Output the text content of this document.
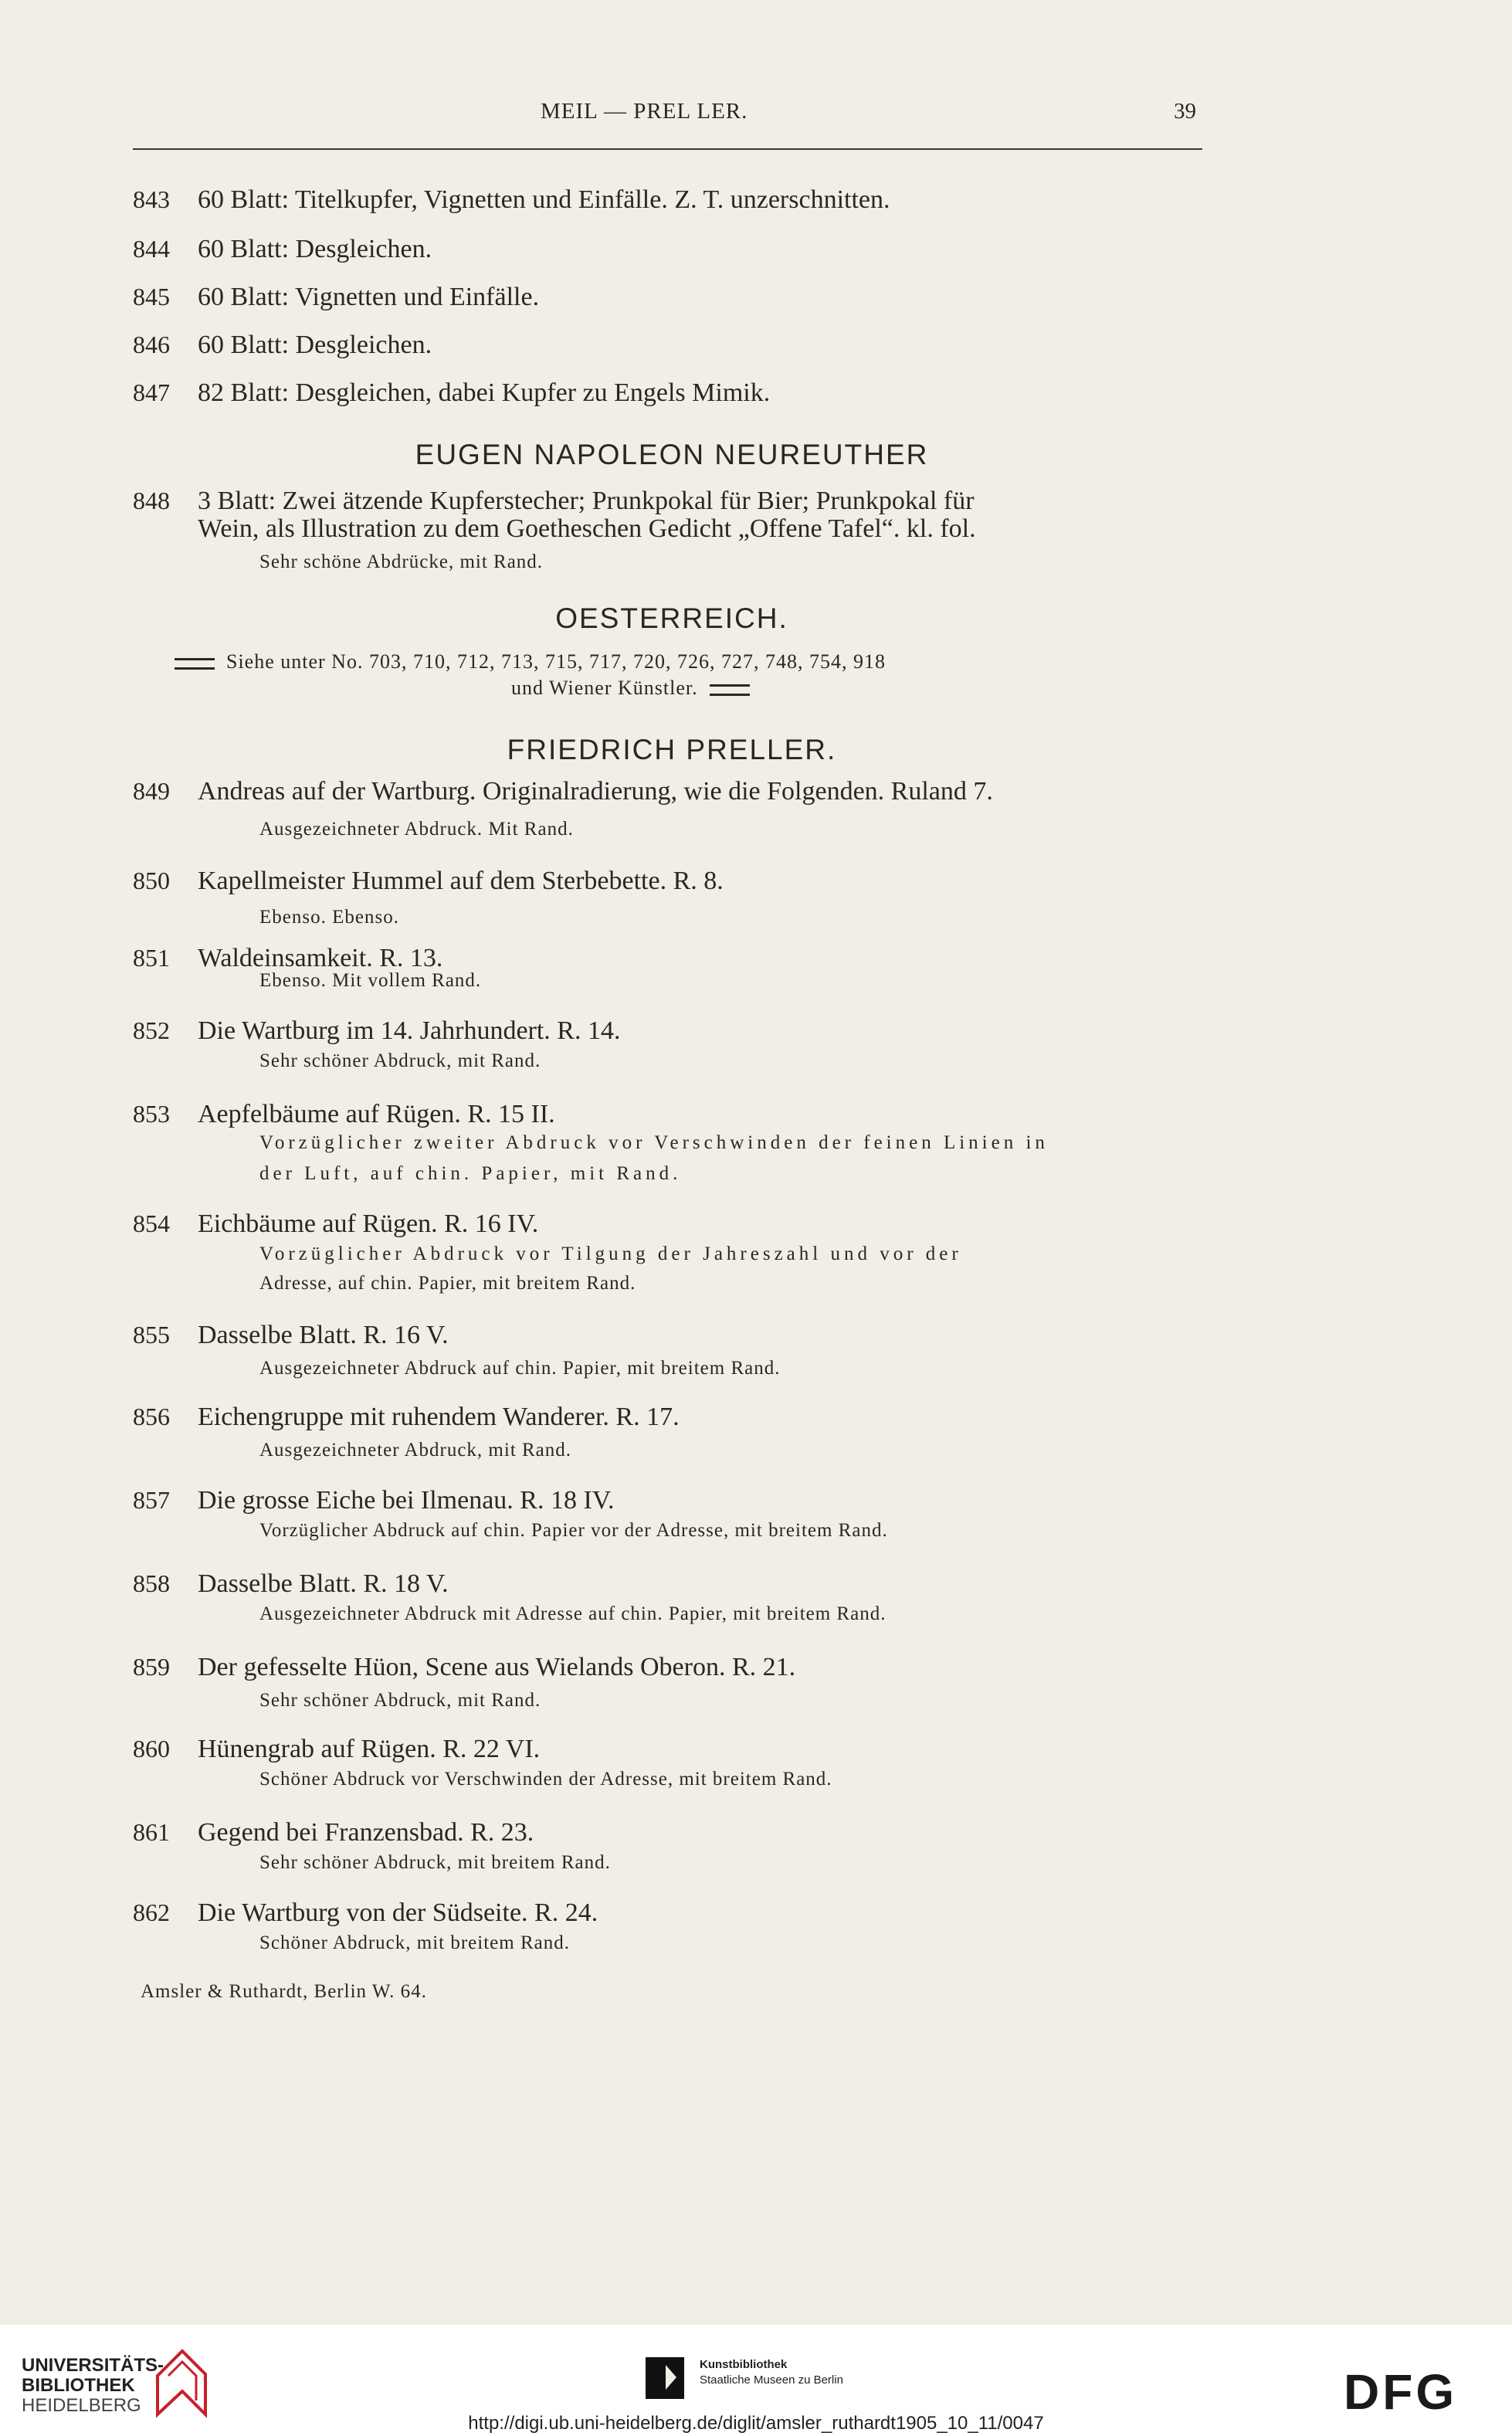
MEIL — PREL LER.	39
843 60 Blatt: Titelkupfer, Vignetten und Einfälle. Z. T. unzerschnitten.
844 60 Blatt: Desgleichen.
845 60 Blatt: Vignetten und Einfälle.
846 60 Blatt: Desgleichen.
847 82 Blatt: Desgleichen, dabei Kupfer zu Engels Mimik.
EUGEN NAPOLEON NEUREUTHER
848 3 Blatt: Zwei ätzende Kupferstecher; Prunkpokal für Bier; Prunkpokal für
Wein, als Illustration zu dem Goetheschen Gedicht „Offene Tafel“. kl. fol.
Sehr schöne Abdrücke, mit Rand.
OESTERREICH.
Siehe unter No. 703, 710, 712, 713, 715, 717, 720, 726, 727, 748, 754, 918
und Wiener Künstler.
FRIEDRICH PRELLER.
849 Andreas auf der Wartburg. Originalradierung, wie die Folgenden. Ruland 7.
Ausgezeichneter Abdruck. Mit Rand.
850 Kapellmeister Hummel auf dem Sterbebette. R. 8.
Ebenso. Ebenso.
851 Waldeinsamkeit. R. 13.
Ebenso. Mit vollem Rand.
852 Die Wartburg im 14. Jahrhundert. R. 14.
Sehr schöner Abdruck, mit Rand.
853 Aepfelbäume auf Rügen. R. 15 II.
Vorzüglicher zweiter Abdruck vor Verschwinden der feinen Linien in
der Luft, auf chin. Papier, mit Rand.
854 Eichbäume auf Rügen. R. 16 IV.
Vorzüglicher Abdruck vor Tilgung der Jahreszahl und vor der
Adresse, auf chin. Papier, mit breitem Rand.
855 Dasselbe Blatt. R. 16 V.
Ausgezeichneter Abdruck auf chin. Papier, mit breitem Rand.
856 Eichengruppe mit ruhendem Wanderer. R. 17.
Ausgezeichneter Abdruck, mit Rand.
857 Die grosse Eiche bei Ilmenau. R. 18 IV.
Vorzüglicher Abdruck auf chin. Papier vor der Adresse, mit breitem Rand.
858 Dasselbe Blatt. R. 18 V.
Ausgezeichneter Abdruck mit Adresse auf chin. Papier, mit breitem Rand.
859 Der gefesselte Hüon, Scene aus Wielands Oberon. R. 21.
Sehr schöner Abdruck, mit Rand.
860 Hünengrab auf Rügen. R. 22 VI.
Schöner Abdruck vor Verschwinden der Adresse, mit breitem Rand.
861 Gegend bei Franzensbad. R. 23.
Sehr schöner Abdruck, mit breitem Rand.
862 Die Wartburg von der Südseite. R. 24.
Schöner Abdruck, mit breitem Rand.
Amsler & Ruthardt, Berlin W. 64.
UNIVERSITÄTS-
BIBLIOTHEK
HEIDELBERG
Kunstbibliothek
Staatliche Museen zu Berlin	DFG
http://digi.ub.uni-heidelberg.de/diglit/amsler_ruthardt1905_10_11/0047
